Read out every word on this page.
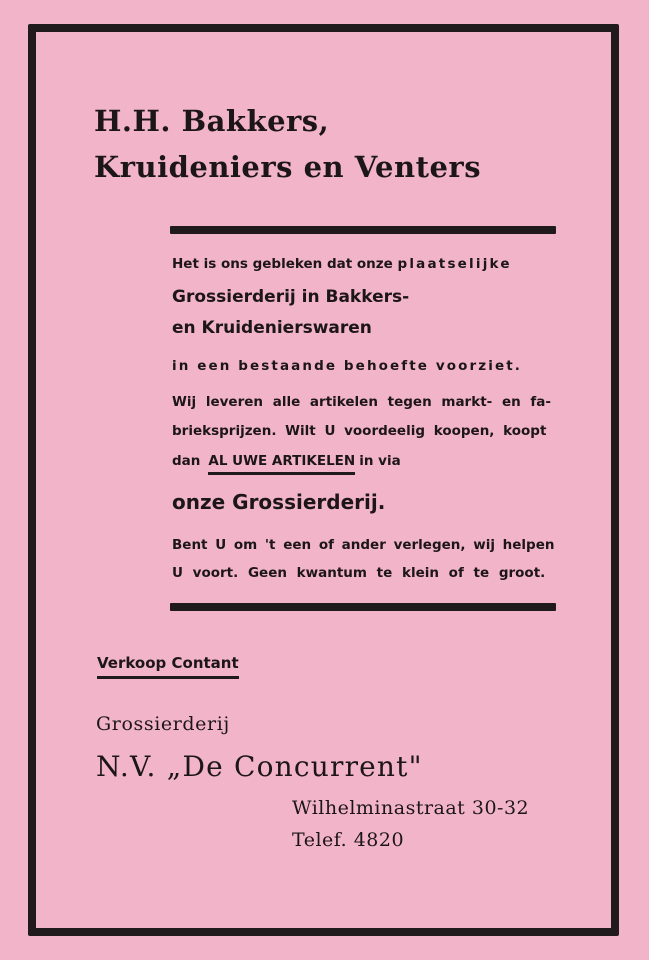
H.H. Bakkers,
Kruideniers en Venters
Het is ons gebleken dat onze plaatselijke
Grossierderij in Bakkers-
en Kruidenierswaren
in een bestaande behoefte voorziet.
Wij leveren alle artikelen tegen markt- en fa-
brieksprijzen. Wilt U voordeelig koopen, koopt
dan AL UWE ARTIKELEN in via
onze Grossierderij.
Bent U om 't een of ander verlegen, wij helpen
U voort. Geen kwantum te klein of te groot.
Verkoop Contant
Grossierderij
N.V. „De Concurrent"
Wilhelminastraat 30-32
Telef. 4820
